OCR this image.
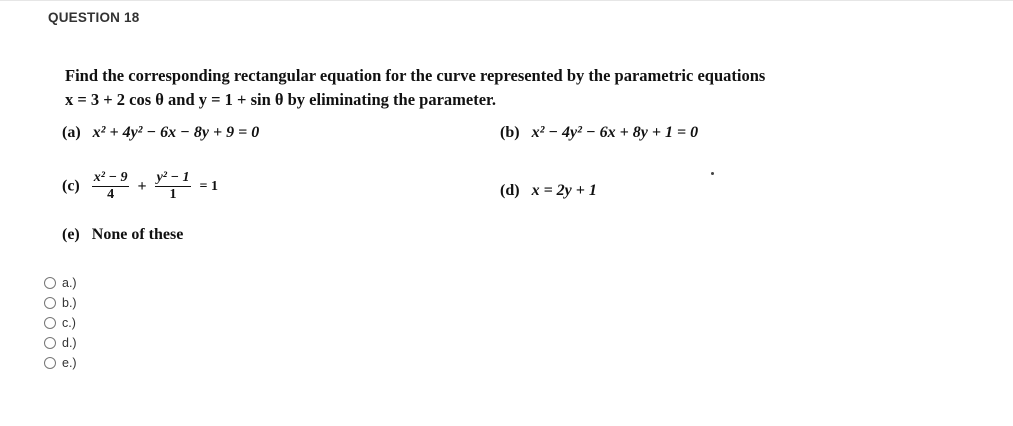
QUESTION 18
Find the corresponding rectangular equation for the curve represented by the parametric equations
x = 3 + 2 cos θ and y = 1 + sin θ by eliminating the parameter.
(a) x² + 4y² − 6x − 8y + 9 = 0	(b) x² − 4y² − 6x + 8y + 1 = 0
$(c) \frac{\text{x² − 9}}{4} + \frac{\text{y² − 1}}{1} = 1$	(d) x = 2y + 1
(e) None of these
a.)
b.)
c.)
d.)
e.)
